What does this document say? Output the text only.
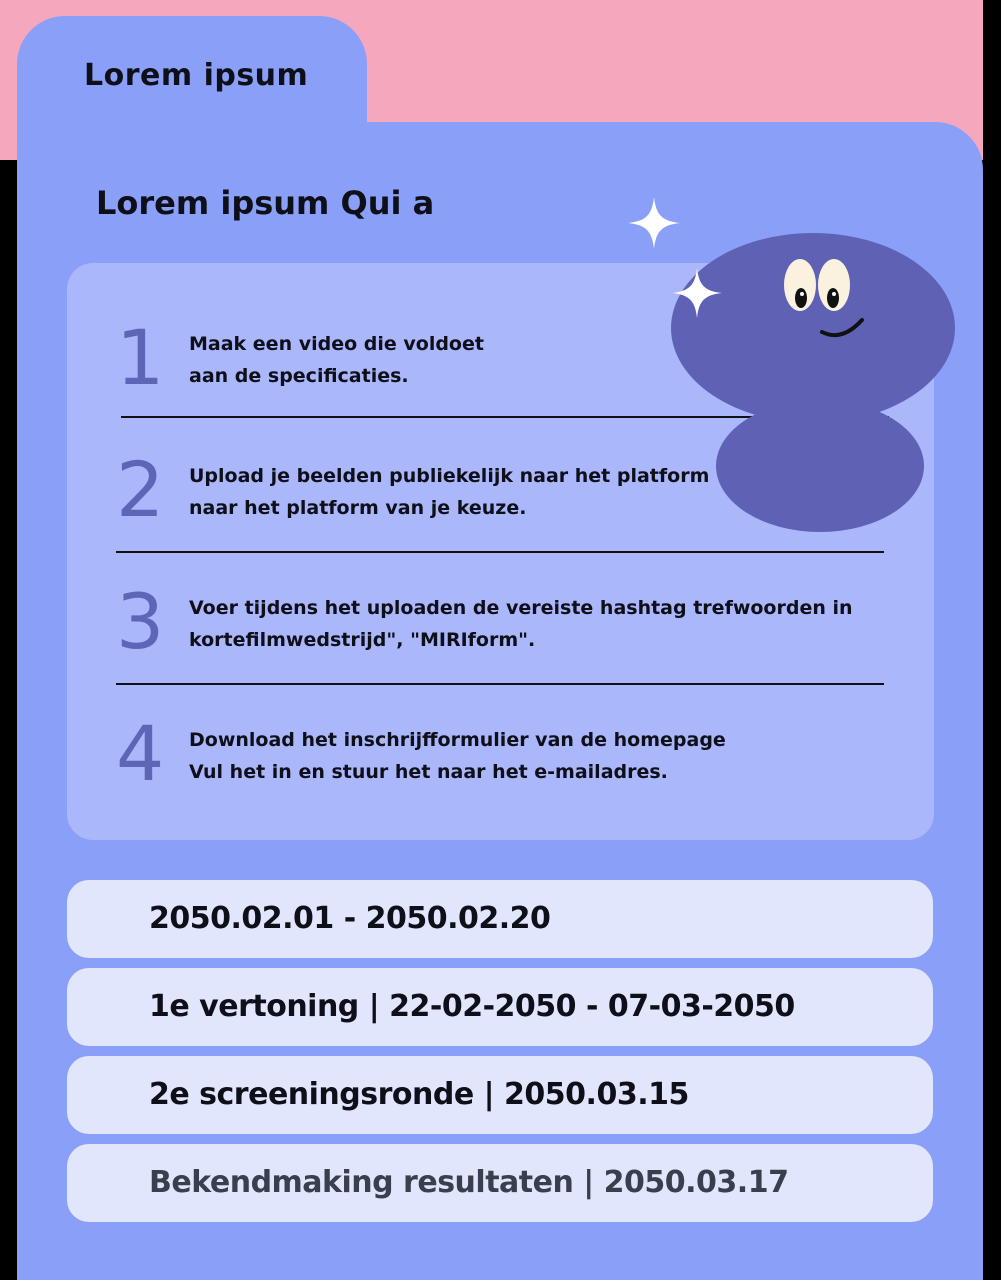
Lorem ipsum
Lorem ipsum Qui a
1	Maak een video die voldoet
aan de specificaties.
2	Upload je beelden publiekelijk naar het platform
naar het platform van je keuze.
3	Voer tijdens het uploaden de vereiste hashtag trefwoorden in
kortefilmwedstrijd", "MIRIform".
4	Download het inschrijfformulier van de homepage
Vul het in en stuur het naar het e-mailadres.
2050.02.01 - 2050.02.20
1e vertoning | 22-02-2050 - 07-03-2050
2e screeningsronde | 2050.03.15
Bekendmaking resultaten | 2050.03.17
